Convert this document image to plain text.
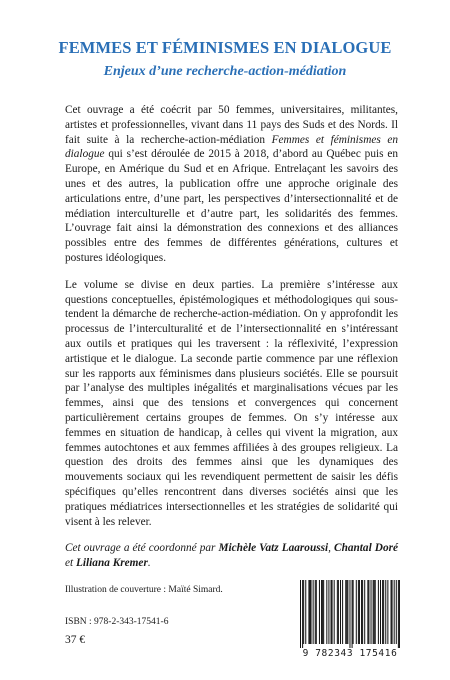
FEMMES ET FÉMINISMES EN DIALOGUE
Enjeux d’une recherche-action-médiation

Cet ouvrage a été coécrit par 50 femmes, universitaires, militantes, artistes et professionnelles, vivant dans 11 pays des Suds et des Nords. Il fait suite à la recherche-action-médiation Femmes et féminismes en dialogue qui s’est déroulée de 2015 à 2018, d’abord au Québec puis en Europe, en Amérique du Sud et en Afrique. Entrelaçant les savoirs des unes et des autres, la publication offre une approche originale des articulations entre, d’une part, les perspectives d’intersectionnalité et de médiation interculturelle et d’autre part, les solidarités des femmes. L’ouvrage fait ainsi la démonstration des connexions et des alliances possibles entre des femmes de différentes générations, cultures et postures idéologiques.

Le volume se divise en deux parties. La première s’intéresse aux questions conceptuelles, épistémologiques et méthodologiques qui sous-tendent la démarche de recherche-action-médiation. On y approfondit les processus de l’interculturalité et de l’intersectionnalité en s’intéressant aux outils et pratiques qui les traversent : la réflexivité, l’expression artistique et le dialogue. La seconde partie commence par une réflexion sur les rapports aux féminismes dans plusieurs sociétés. Elle se poursuit par l’analyse des multiples inégalités et marginalisations vécues par les femmes, ainsi que des tensions et convergences qui concernent particulièrement certains groupes de femmes. On s’y intéresse aux femmes en situation de handicap, à celles qui vivent la migration, aux femmes autochtones et aux femmes affiliées à des groupes religieux. La question des droits des femmes ainsi que les dynamiques des mouvements sociaux qui les revendiquent permettent de saisir les défis spécifiques qu’elles rencontrent dans diverses sociétés ainsi que les pratiques médiatrices intersectionnelles et les stratégies de solidarité qui visent à les relever.

Cet ouvrage a été coordonné par Michèle Vatz Laaroussi, Chantal Doré et Liliana Kremer.

Illustration de couverture : Maïté Simard.
ISBN : 978-2-343-17541-6
37 €
9 782343 175416
